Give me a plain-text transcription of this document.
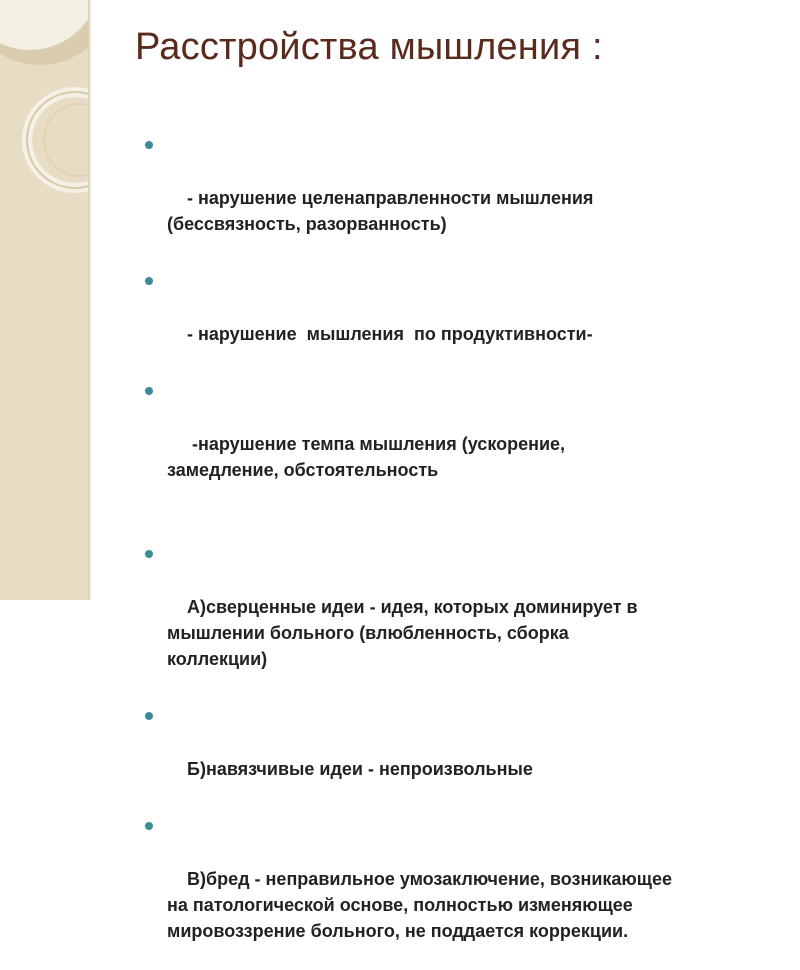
Расстройства мышления :

- нарушение целенаправленности мышления
(бессвязность, разорванность)

- нарушение  мышления  по продуктивности-

-нарушение темпа мышления (ускорение,
замедление, обстоятельность

А)сверценные идеи - идея, которых доминирует в
мышлении больного (влюбленность, сборка
коллекции)

Б)навязчивые идеи - непроизвольные

В)бред - неправильное умозаключение, возникающее
на патологической основе, полностью изменяющее
мировоззрение больного, не поддается коррекции.
